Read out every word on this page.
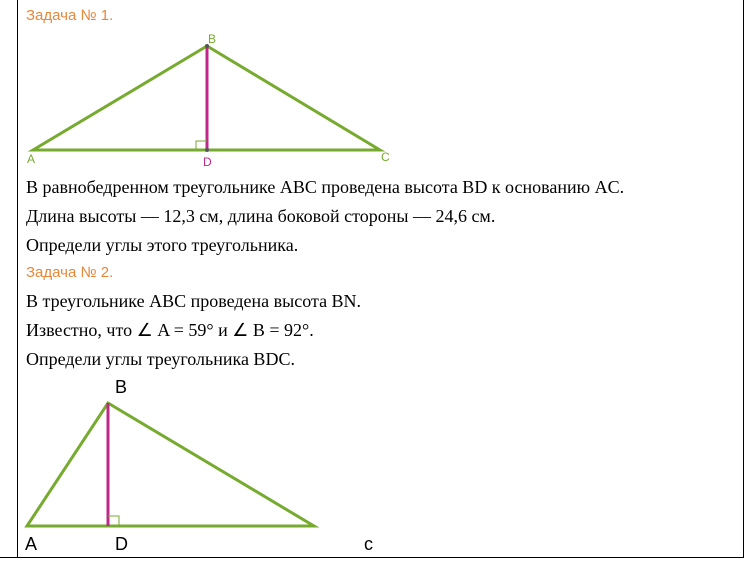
Задача № 1.
A
B
C
D
В равнобедренном треугольнике ABC проведена высота BD к основанию AC.
Длина высоты — 12,3 см, длина боковой стороны — 24,6 см.
Определи углы этого треугольника.
Задача № 2.
В треугольнике ABC проведена высота BN.
Известно, что ∠ A = 59° и ∠ B = 92°.
Определи углы треугольника BDC.
B
A	D	c
